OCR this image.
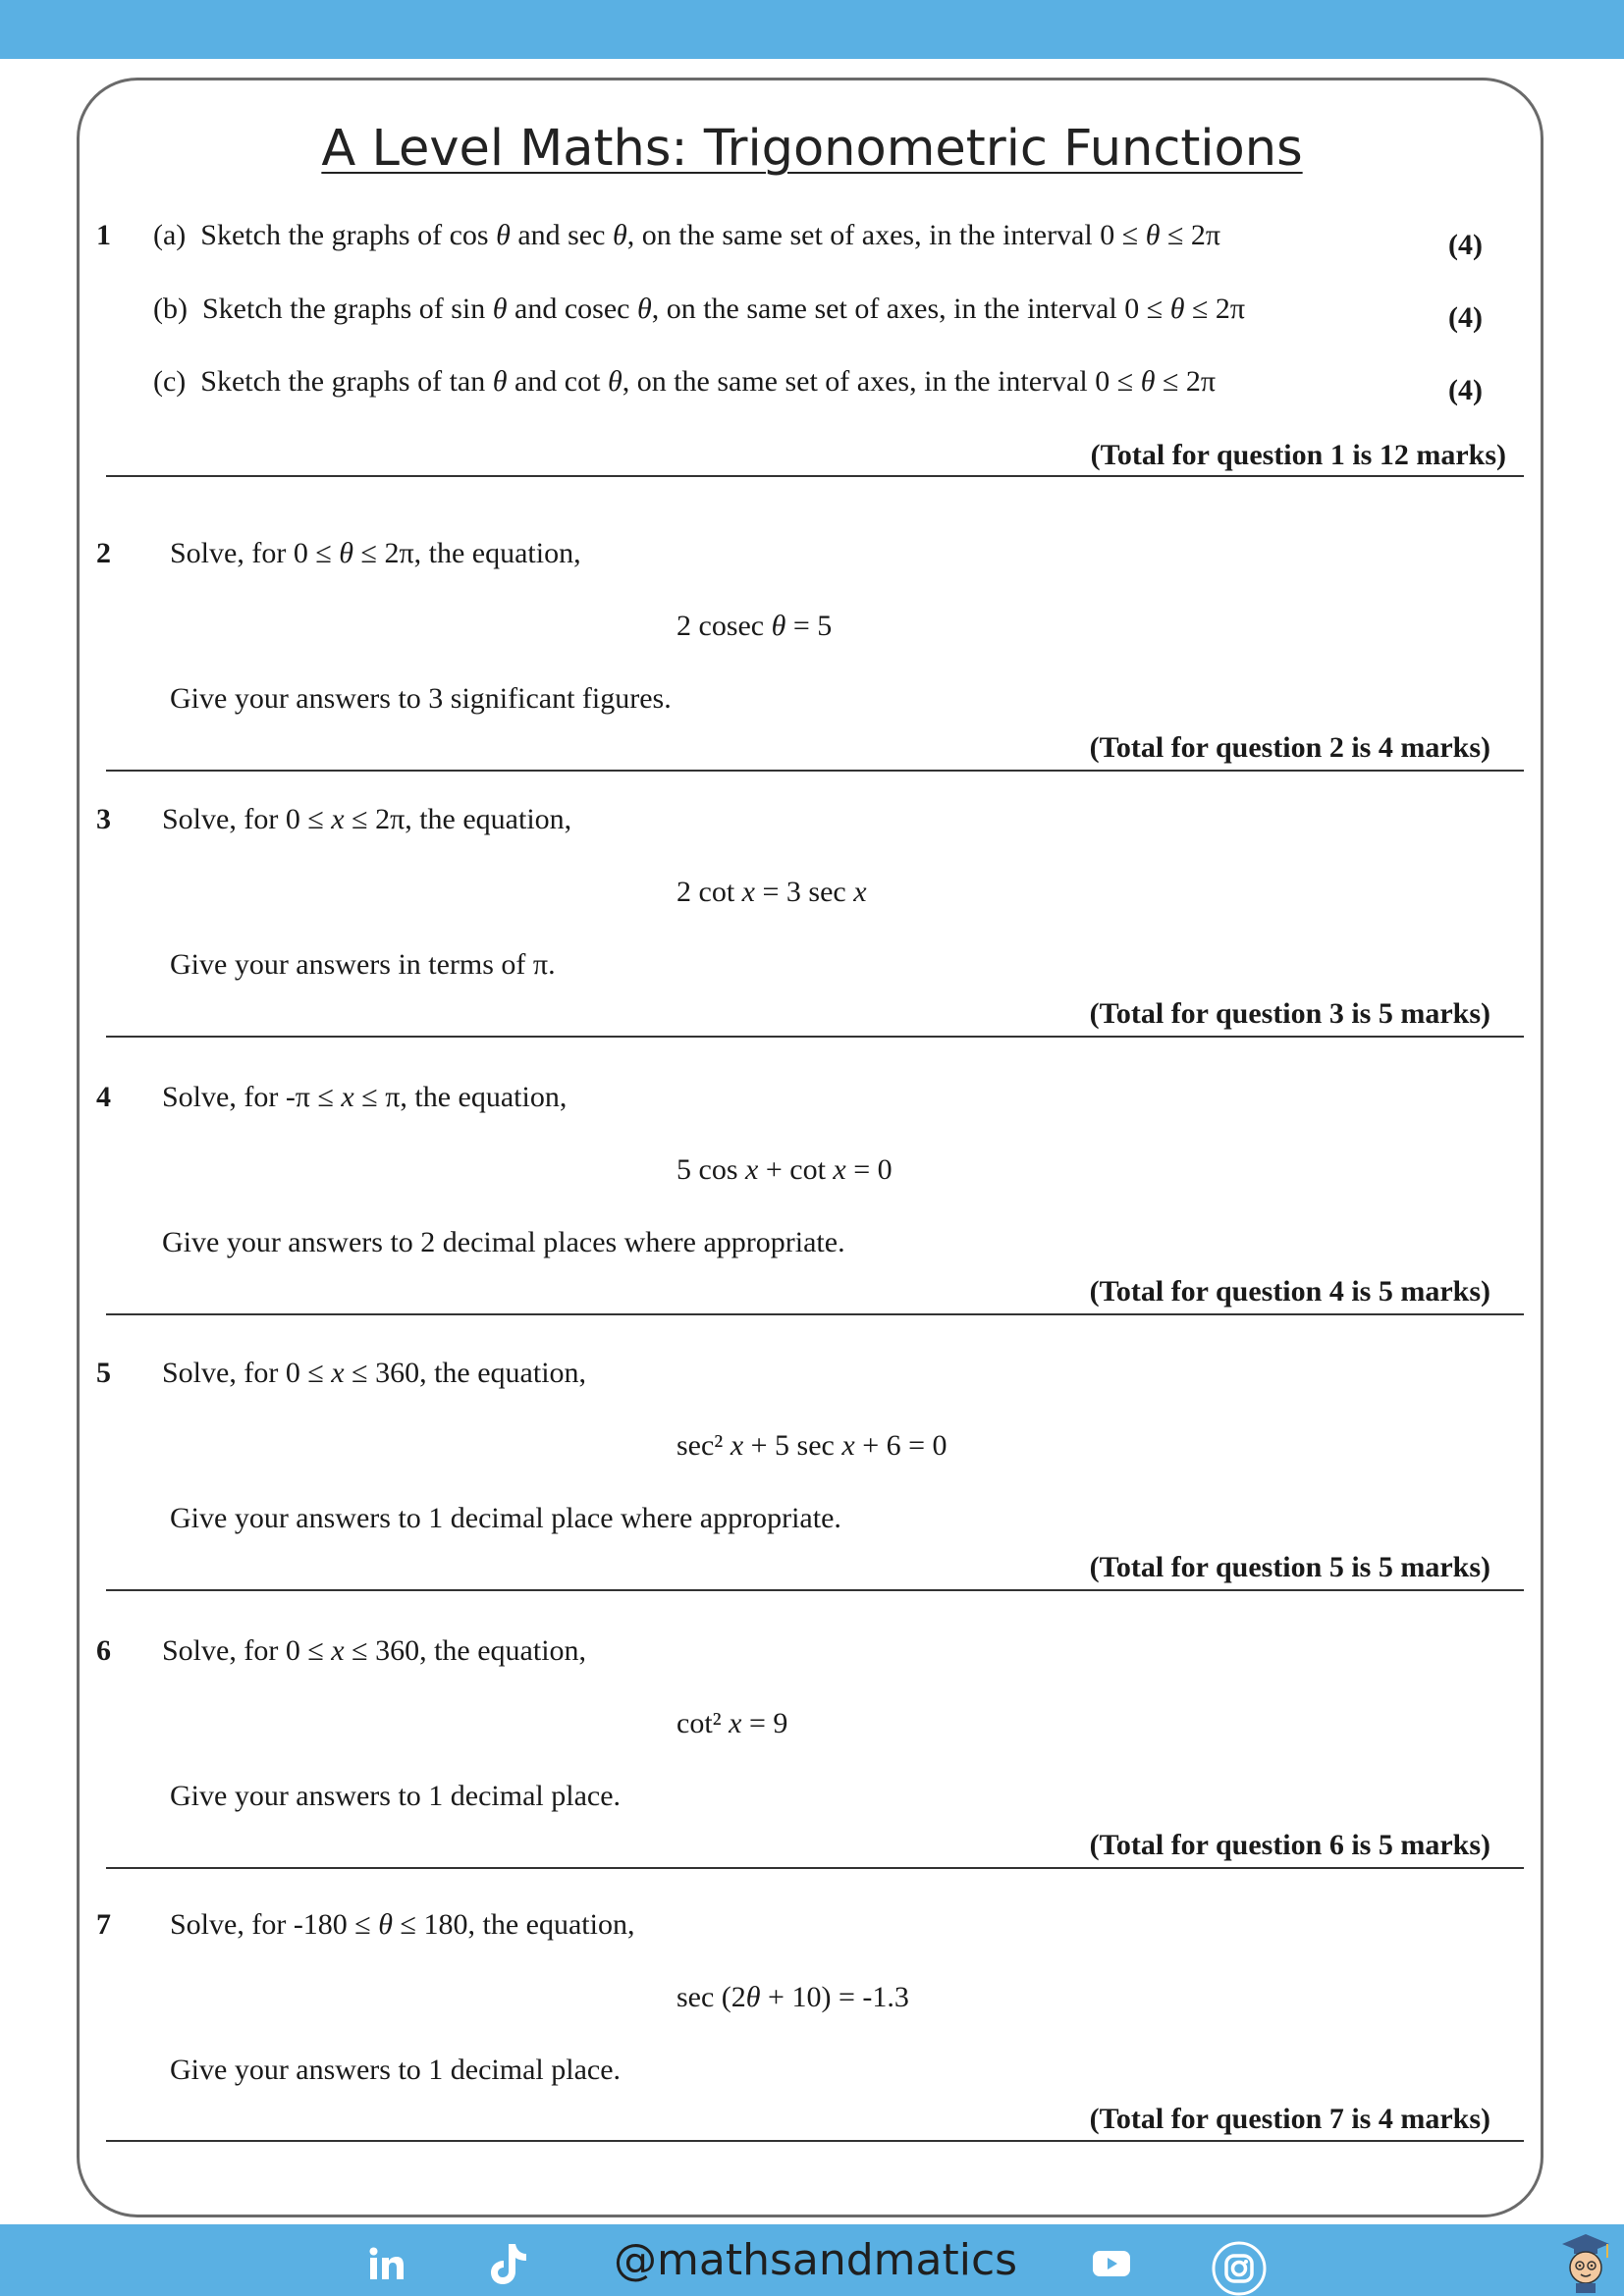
A Level Maths: Trigonometric Functions
1 (a) Sketch the graphs of cos θ and sec θ, on the same set of axes, in the interval 0 ≤ θ ≤ 2π	(4)
(b) Sketch the graphs of sin θ and cosec θ, on the same set of axes, in the interval 0 ≤ θ ≤ 2π	(4)
(c) Sketch the graphs of tan θ and cot θ, on the same set of axes, in the interval 0 ≤ θ ≤ 2π	(4)
(Total for question 1 is 12 marks)
2 Solve, for 0 ≤ θ ≤ 2π, the equation,
2 cosec θ = 5
Give your answers to 3 significant figures.
(Total for question 2 is 4 marks)
3 Solve, for 0 ≤ x ≤ 2π, the equation,
2 cot x = 3 sec x
Give your answers in terms of π.
(Total for question 3 is 5 marks)
4 Solve, for -π ≤ x ≤ π, the equation,
5 cos x + cot x = 0
Give your answers to 2 decimal places where appropriate.
(Total for question 4 is 5 marks)
5 Solve, for 0 ≤ x ≤ 360, the equation,
sec² x + 5 sec x + 6 = 0
Give your answers to 1 decimal place where appropriate.
(Total for question 5 is 5 marks)
6 Solve, for 0 ≤ x ≤ 360, the equation,
cot² x = 9
Give your answers to 1 decimal place.
(Total for question 6 is 5 marks)
7 Solve, for -180 ≤ θ ≤ 180, the equation,
sec (2θ + 10) = -1.3
Give your answers to 1 decimal place.
(Total for question 7 is 4 marks)
@mathsandmatics
